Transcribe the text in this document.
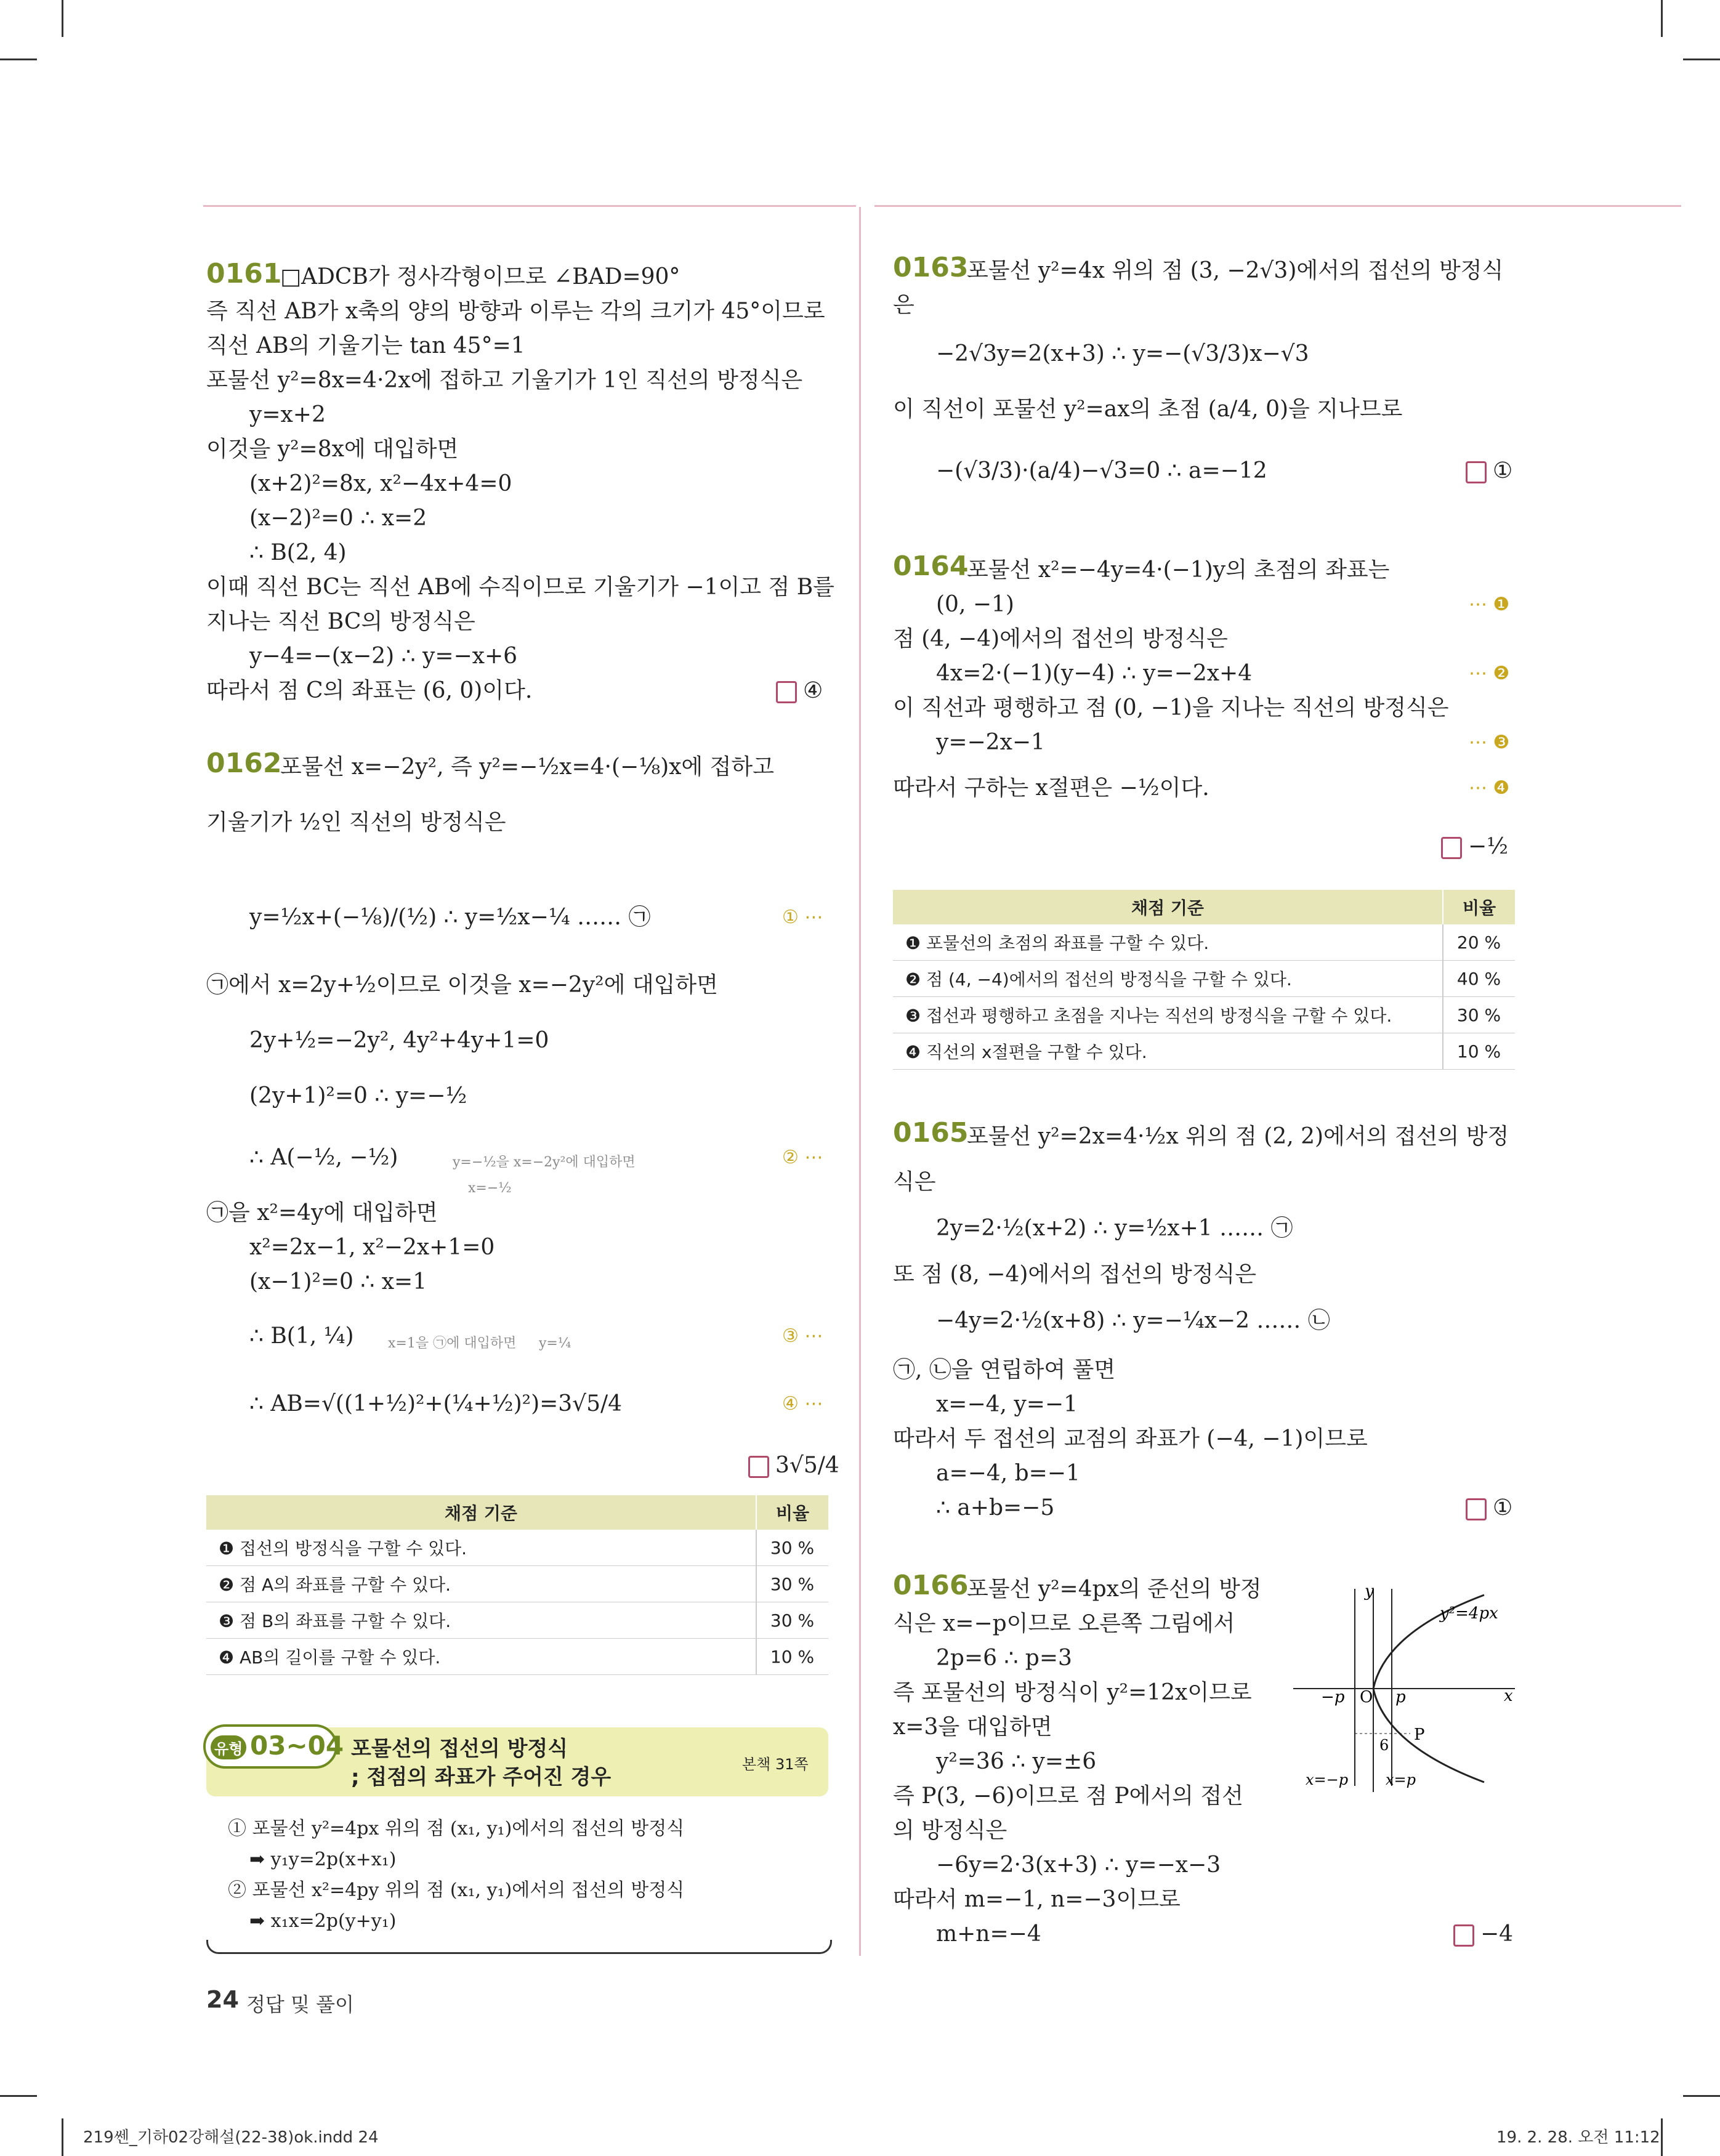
0161
□ADCB가 정사각형이므로 ∠BAD=90°
즉 직선 AB가 x축의 양의 방향과 이루는 각의 크기가 45°이므로
직선 AB의 기울기는 tan 45°=1
포물선 y²=8x=4·2x에 접하고 기울기가 1인 직선의 방정식은
y=x+2
이것을 y²=8x에 대입하면
(x+2)²=8x, x²−4x+4=0
(x−2)²=0 ∴ x=2
∴ B(2, 4)
이때 직선 BC는 직선 AB에 수직이므로 기울기가 −1이고 점 B를
지나는 직선 BC의 방정식은
y−4=−(x−2) ∴ y=−x+6
따라서 점 C의 좌표는 (6, 0)이다.	④
0162
포물선 x=−2y², 즉 y²=−½x=4·(−⅛)x에 접하고
기울기가 ½인 직선의 방정식은
y=½x+(−⅛)/(½) ∴ y=½x−¼ …… ㉠	① ⋯
㉠에서 x=2y+½이므로 이것을 x=−2y²에 대입하면
2y+½=−2y², 4y²+4y+1=0
(2y+1)²=0 ∴ y=−½
∴ A(−½, −½)	y=−½을 x=−2y²에 대입하면
x=−½
② ⋯
㉠을 x²=4y에 대입하면
x²=2x−1, x²−2x+1=0
(x−1)²=0 ∴ x=1
∴ B(1, ¼)	x=1을 ㉠에 대입하면 y=¼	③ ⋯
∴ AB=√((1+½)²+(¼+½)²)=3√5/4	④ ⋯
3√5/4
채점 기준	비율
❶ 접선의 방정식을 구할 수 있다.	30 %
❷ 점 A의 좌표를 구할 수 있다.	30 %
❸ 점 B의 좌표를 구할 수 있다.	30 %
❹ AB의 길이를 구할 수 있다.	10 %
유형 03~04 포물선의 접선의 방정식
; 접점의 좌표가 주어진 경우
본책 31쪽
① 포물선 y²=4px 위의 점 (x₁, y₁)에서의 접선의 방정식
➡ y₁y=2p(x+x₁)
② 포물선 x²=4py 위의 점 (x₁, y₁)에서의 접선의 방정식
➡ x₁x=2p(y+y₁)
0163
포물선 y²=4x 위의 점 (3, −2√3)에서의 접선의 방정식
은
−2√3y=2(x+3) ∴ y=−(√3/3)x−√3
이 직선이 포물선 y²=ax의 초점 (a/4, 0)을 지나므로
−(√3/3)·(a/4)−√3=0 ∴ a=−12	①
0164
포물선 x²=−4y=4·(−1)y의 초점의 좌표는
(0, −1)
점 (4, −4)에서의 접선의 방정식은
4x=2·(−1)(y−4) ∴ y=−2x+4
이 직선과 평행하고 점 (0, −1)을 지나는 직선의 방정식은
y=−2x−1
따라서 구하는 x절편은 −½이다.
⋯ ❶
⋯ ❷
⋯ ❸
⋯ ❹
−½
채점 기준	비율
❶ 포물선의 초점의 좌표를 구할 수 있다.	20 %
❷ 점 (4, −4)에서의 접선의 방정식을 구할 수 있다.	40 %
❸ 접선과 평행하고 초점을 지나는 직선의 방정식을 구할 수 있다.	30 %
❹ 직선의 x절편을 구할 수 있다.	10 %
0165
포물선 y²=2x=4·½x 위의 점 (2, 2)에서의 접선의 방정
식은
2y=2·½(x+2) ∴ y=½x+1 …… ㉠
또 점 (8, −4)에서의 접선의 방정식은
−4y=2·½(x+8) ∴ y=−¼x−2 …… ㉡
㉠, ㉡을 연립하여 풀면
x=−4, y=−1
따라서 두 접선의 교점의 좌표가 (−4, −1)이므로
a=−4, b=−1
∴ a+b=−5	①
0166
포물선 y²=4px의 준선의 방정
식은 x=−p이므로 오른쪽 그림에서
2p=6 ∴ p=3
즉 포물선의 방정식이 y²=12x이므로
x=3을 대입하면
y²=36 ∴ y=±6
즉 P(3, −6)이므로 점 P에서의 접선
의 방정식은
−6y=2·3(x+3) ∴ y=−x−3
따라서 m=−1, n=−3이므로
m+n=−4	−4
y
x
y²=4px
−p O p
P
6
x=−p	x=p
24 정답 및 풀이
219쎈_기하02강해설(22-38)ok.indd 24	19. 2. 28. 오전 11:12
